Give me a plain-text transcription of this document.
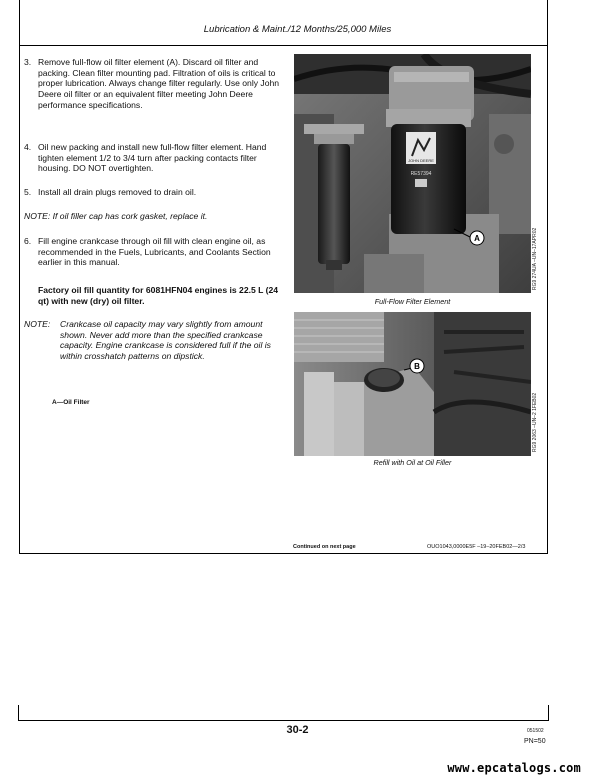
Lubrication & Maint./12 Months/25,000 Miles
3. Remove full-flow oil filter element (A). Discard oil filter and packing. Clean filter mounting pad. Filtration of oils is critical to proper lubrication. Always change filter regularly. Use only John Deere oil filter or an equivalent filter meeting John Deere performance specifications.
4. Oil new packing and install new full-flow filter element. Hand tighten element 1/2 to 3/4 turn after packing contacts filter housing. DO NOT overtighten.
5. Install all drain plugs removed to drain oil.
NOTE: If oil filler cap has cork gasket, replace it.
6. Fill engine crankcase through oil fill with clean engine oil, as recommended in the Fuels, Lubricants, and Coolants Section earlier in this manual.
Factory oil fill quantity for 6081HFN04 engines is 22.5 L (24 qt) with new (dry) oil filter.
NOTE: Crankcase oil capacity may vary slightly from amount shown. Never add more than the specified crankcase capacity. Engine crankcase is considered full if the oil is within crosshatch patterns on dipstick.
A—Oil Filter
JOHN DEERE
RE57394
A	RG9 274UA –UN–17APR02
Full-Flow Filter Element
B
RG9 2063 –UN–2 1FEB02
Refill with Oil at Oil Filler
Continued on next page	OUO1043,0000E5F –19–20FEB02—2/3
30-2	051502
PN=50
www.epcatalogs.com
